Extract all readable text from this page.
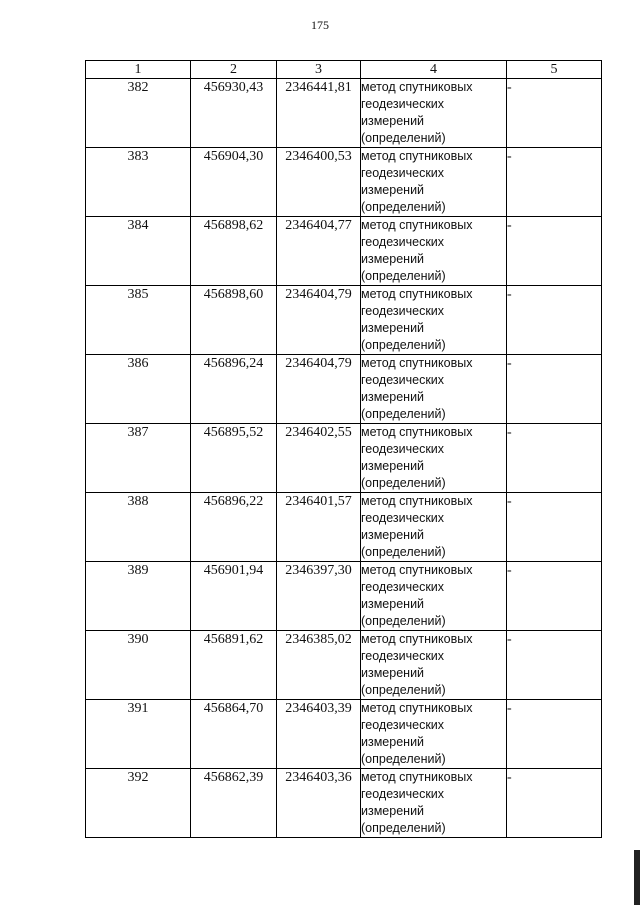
175
1	2	3	4	5
382	456930,43	2346441,81	метод спутниковых
геодезических
измерений
(определений)	-
383	456904,30	2346400,53	метод спутниковых
геодезических
измерений
(определений)	-
384	456898,62	2346404,77	метод спутниковых
геодезических
измерений
(определений)	-
385	456898,60	2346404,79	метод спутниковых
геодезических
измерений
(определений)	-
386	456896,24	2346404,79	метод спутниковых
геодезических
измерений
(определений)	-
387	456895,52	2346402,55	метод спутниковых
геодезических
измерений
(определений)	-
388	456896,22	2346401,57	метод спутниковых
геодезических
измерений
(определений)	-
389	456901,94	2346397,30	метод спутниковых
геодезических
измерений
(определений)	-
390	456891,62	2346385,02	метод спутниковых
геодезических
измерений
(определений)	-
391	456864,70	2346403,39	метод спутниковых
геодезических
измерений
(определений)	-
392	456862,39	2346403,36	метод спутниковых
геодезических
измерений
(определений)	-
